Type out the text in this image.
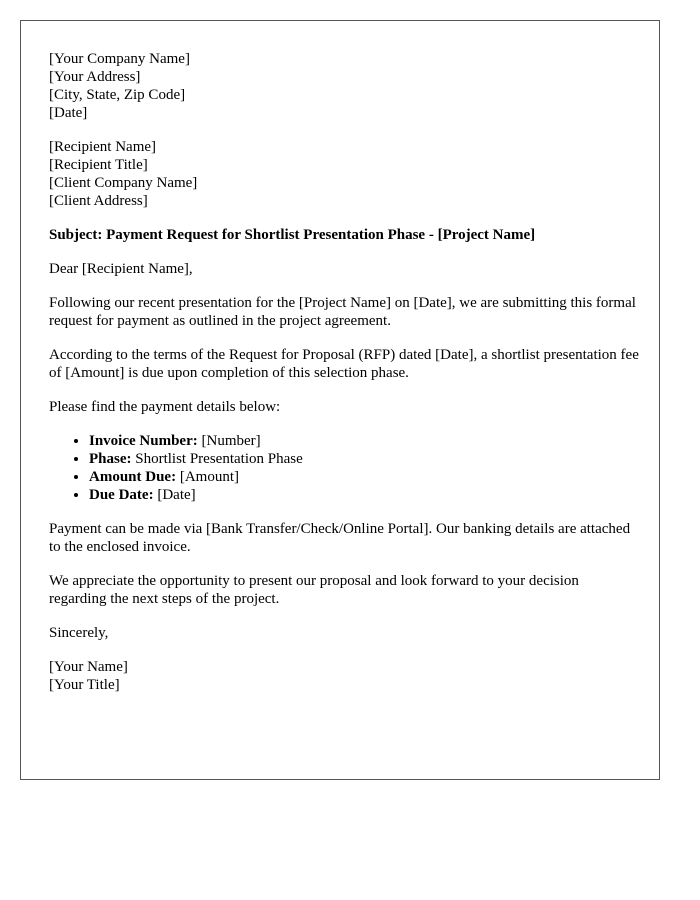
[Your Company Name]
[Your Address]
[City, State, Zip Code]
[Date]
[Recipient Name]
[Recipient Title]
[Client Company Name]
[Client Address]

Subject: Payment Request for Shortlist Presentation Phase - [Project Name]

Dear [Recipient Name],

Following our recent presentation for the [Project Name] on [Date], we are submitting this formal request for payment as outlined in the project agreement.

According to the terms of the Request for Proposal (RFP) dated [Date], a shortlist presentation fee of [Amount] is due upon completion of this selection phase.

Please find the payment details below:

• Invoice Number: [Number]
• Phase: Shortlist Presentation Phase
• Amount Due: [Amount]
• Due Date: [Date]

Payment can be made via [Bank Transfer/Check/Online Portal]. Our banking details are attached to the enclosed invoice.

We appreciate the opportunity to present our proposal and look forward to your decision regarding the next steps of the project.

Sincerely,

[Your Name]
[Your Title]
